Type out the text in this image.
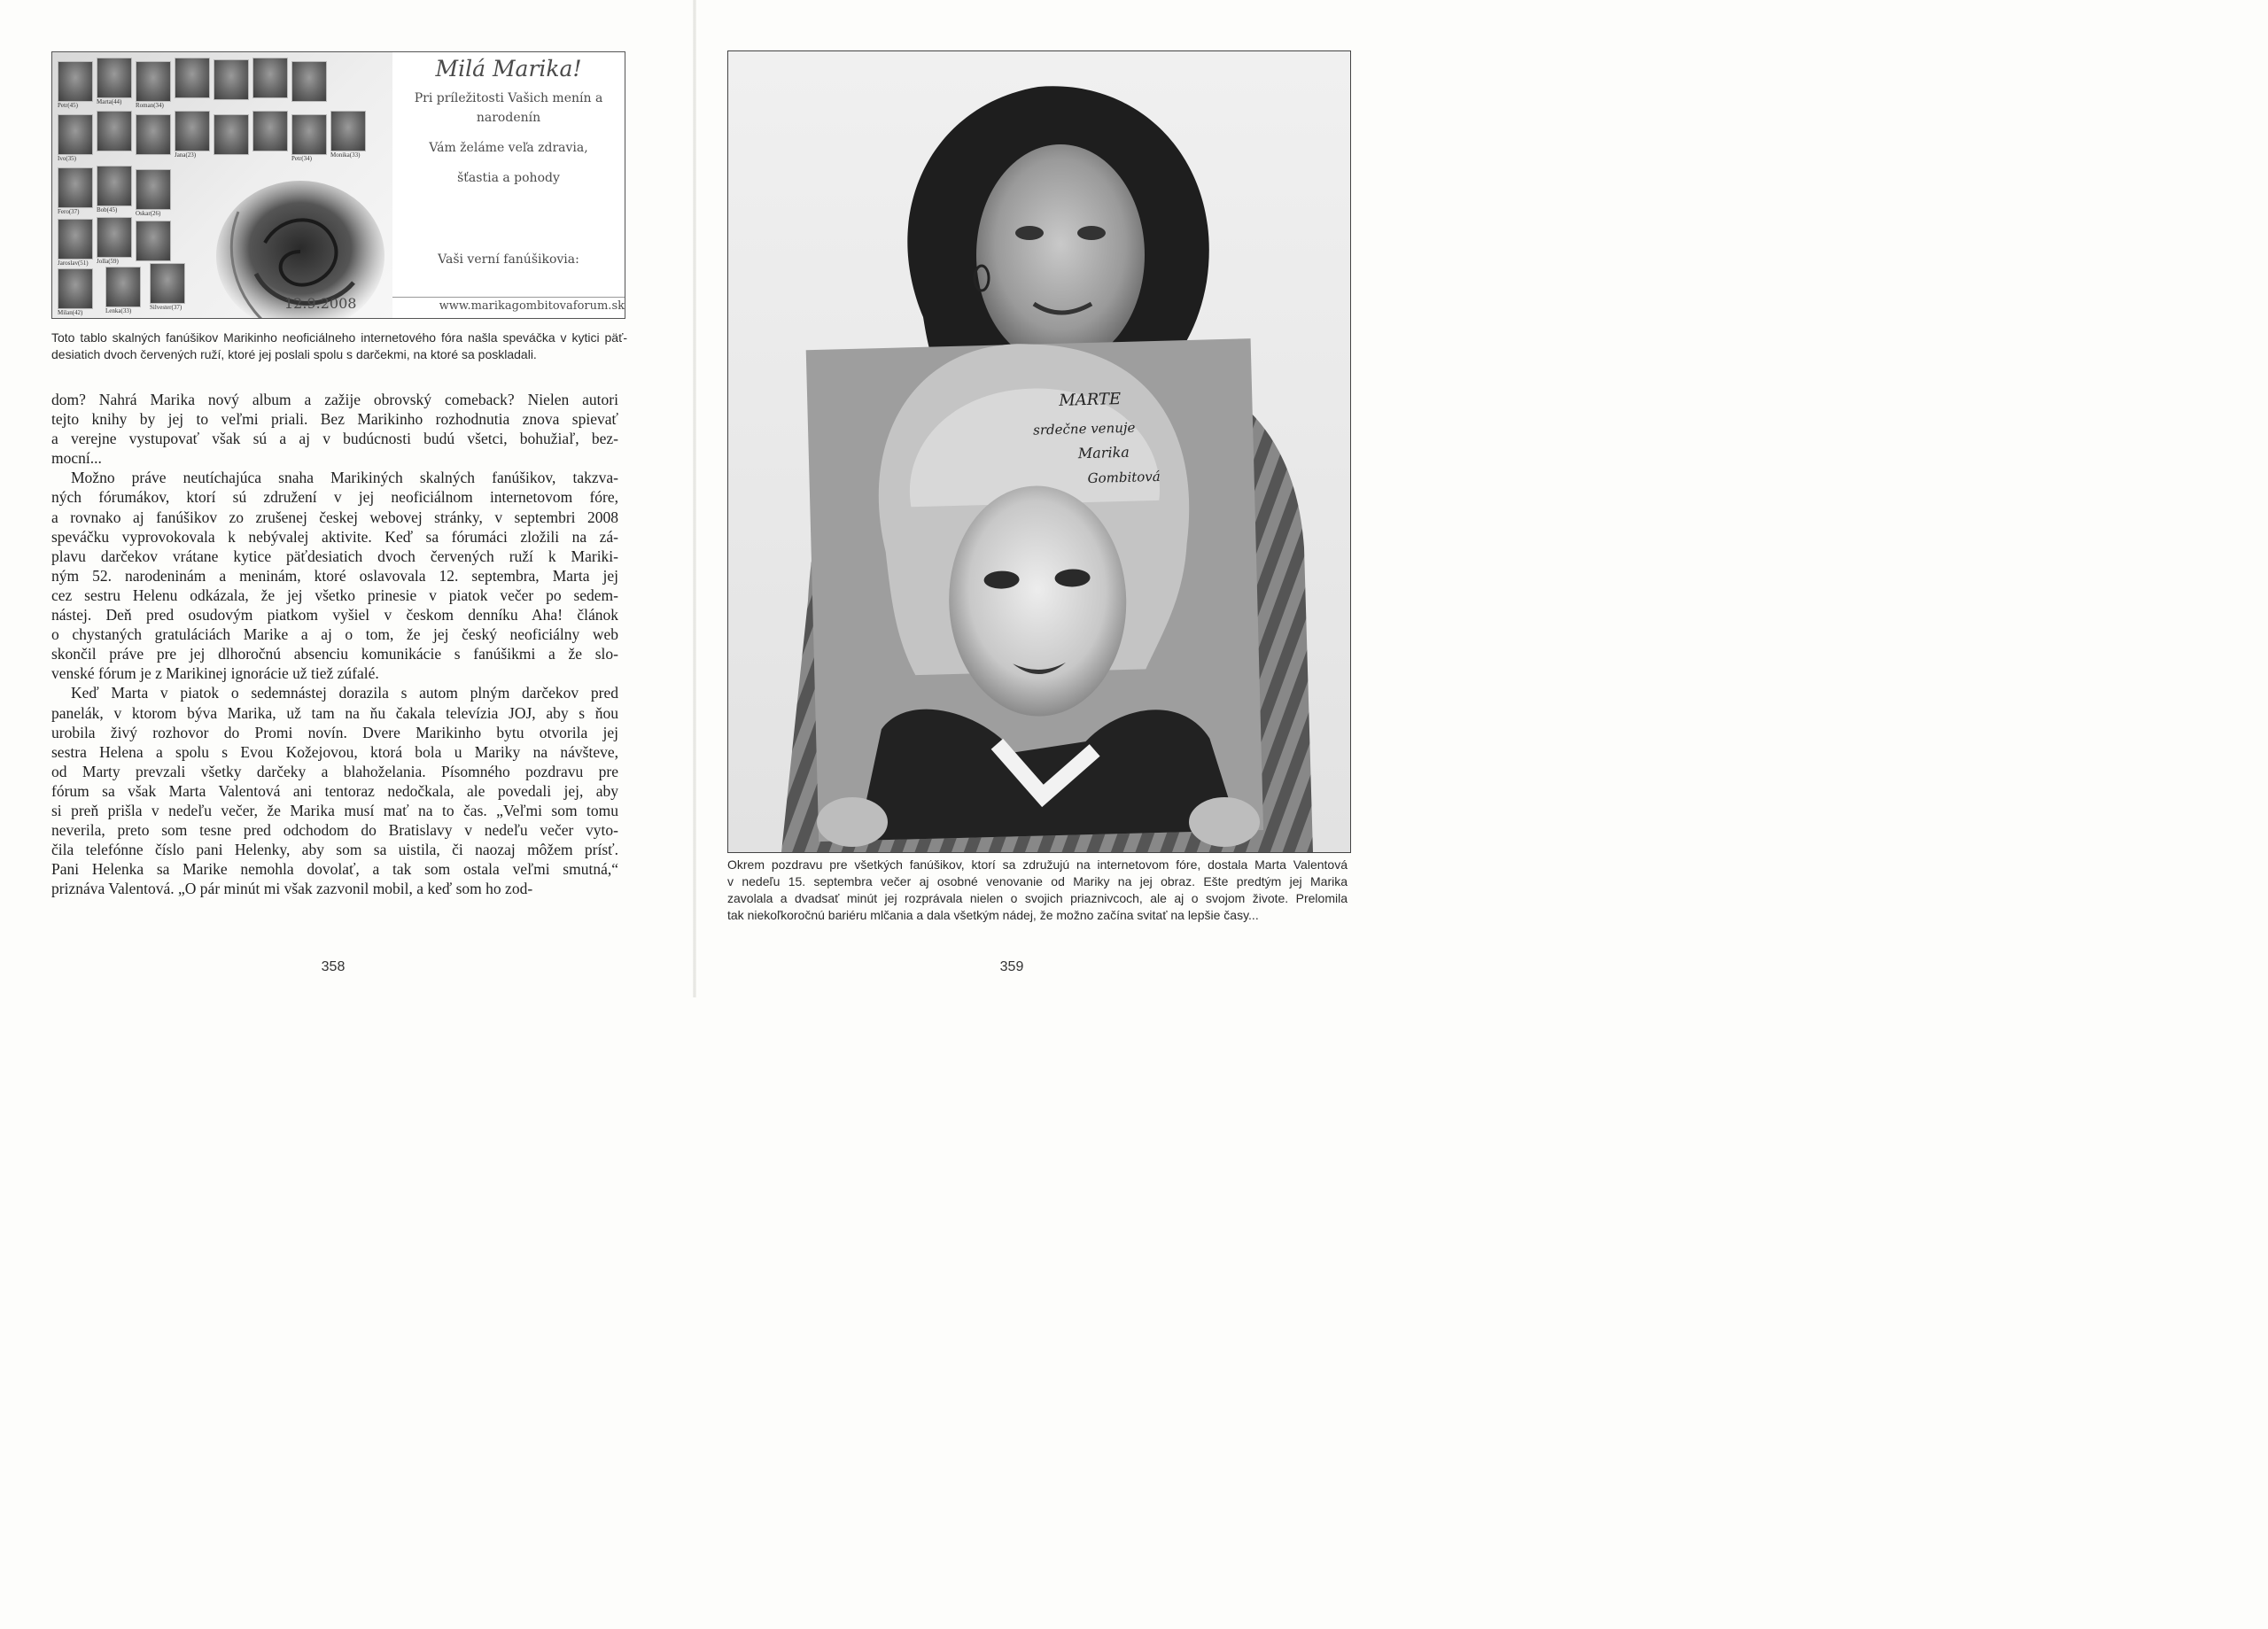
Petr(45)	Marta(44) Roman(34)
Ivo(35)	Jana(23)	Petr(34)	Monika(33)
Fero(37)	Bob(45)	Oskar(26)
Jaroslav(51) Jolla(59)
Milan(42)	Lenka(33)	Silvester(37)
Milá Marika!
Pri príležitosti Vašich menín a
narodenín
Vám želáme veľa zdravia,
šťastia a pohody
Vaši verní fanúšikovia:
12.9.2008	www.marikagombitovaforum.sk
Toto tablo skalných fanúšikov Marikinho neoficiálneho internetového fóra našla speváčka v kytici päť-
desiatich dvoch červených ruží, ktoré jej poslali spolu s darčekmi, na ktoré sa poskladali.

dom? Nahrá Marika nový album a zažije obrovský comeback? Nielen autori
tejto knihy by jej to veľmi priali. Bez Marikinho rozhodnutia znova spievať
a verejne vystupovať však sú a aj v budúcnosti budú všetci, bohužiaľ, bez-
mocní...

Možno práve neutíchajúca snaha Marikiných skalných fanúšikov, takzva-
ných fórumákov, ktorí sú združení v jej neoficiálnom internetovom fóre,
a rovnako aj fanúšikov zo zrušenej českej webovej stránky, v septembri 2008
speváčku vyprovokovala k nebývalej aktivite. Keď sa fórumáci zložili na zá-
plavu darčekov vrátane kytice päťdesiatich dvoch červených ruží k Mariki-
ným 52. narodeninám a meninám, ktoré oslavovala 12. septembra, Marta jej
cez sestru Helenu odkázala, že jej všetko prinesie v piatok večer po sedem-
nástej. Deň pred osudovým piatkom vyšiel v českom denníku Aha! článok
o chystaných gratuláciách Marike a aj o tom, že jej český neoficiálny web
skončil práve pre jej dlhoročnú absenciu komunikácie s fanúšikmi a že slo-
venské fórum je z Marikinej ignorácie už tiež zúfalé.

Keď Marta v piatok o sedemnástej dorazila s autom plným darčekov pred
panelák, v ktorom býva Marika, už tam na ňu čakala televízia JOJ, aby s ňou
urobila živý rozhovor do Promi novín. Dvere Marikinho bytu otvorila jej
sestra Helena a spolu s Evou Kožejovou, ktorá bola u Mariky na návšteve,
od Marty prevzali všetky darčeky a blahoželania. Písomného pozdravu pre
fórum sa však Marta Valentová ani tentoraz nedočkala, ale povedali jej, aby
si preň prišla v nedeľu večer, že Marika musí mať na to čas. „Veľmi som tomu
neverila, preto som tesne pred odchodom do Bratislavy v nedeľu večer vyto-
čila telefónne číslo pani Helenky, aby som sa uistila, či naozaj môžem prísť.
Pani Helenka sa Marike nemohla dovolať, a tak som ostala veľmi smutná,“
priznáva Valentová. „O pár minút mi však zazvonil mobil, a keď som ho zod-

358
MARTE
srdečne venuje
Marika
Gombitová
Okrem pozdravu pre všetkých fanúšikov, ktorí sa združujú na internetovom fóre, dostala Marta Valentová
v nedeľu 15. septembra večer aj osobné venovanie od Mariky na jej obraz. Ešte predtým jej Marika
zavolala a dvadsať minút jej rozprávala nielen o svojich priaznivcoch, ale aj o svojom živote. Prelomila
tak niekoľkoročnú bariéru mlčania a dala všetkým nádej, že možno začína svitať na lepšie časy...
359
